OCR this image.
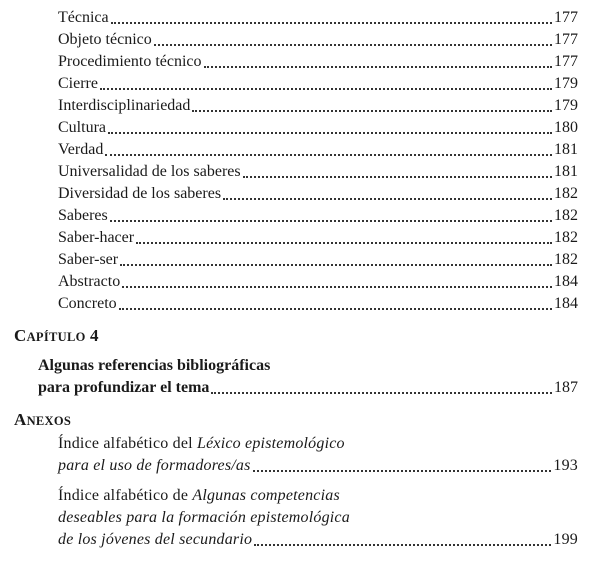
Técnica	177
Objeto técnico	177
Procedimiento técnico	177
Cierre	179
Interdisciplinariedad	179
Cultura	180
Verdad	181
Universalidad de los saberes	181
Diversidad de los saberes	182
Saberes	182
Saber-hacer	182
Saber-ser	182
Abstracto	184
Concreto	184
CAPÍTULO 4
Algunas referencias bibliográficas
para profundizar el tema	187
ANEXOS
Índice alfabético del Léxico epistemológico
para el uso de formadores/as	193
Índice alfabético de Algunas competencias
deseables para la formación epistemológica
de los jóvenes del secundario	199
